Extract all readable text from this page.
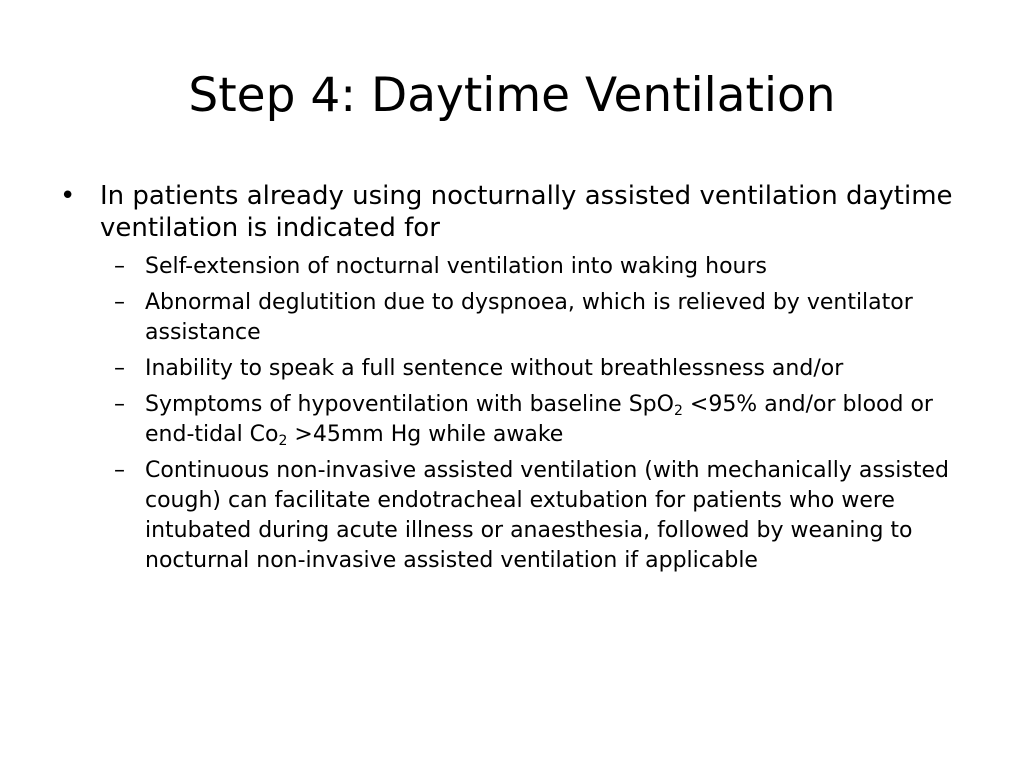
Step 4: Daytime Ventilation
• In patients already using nocturnally assisted ventilation daytime ventilation is indicated for
– Self-extension of nocturnal ventilation into waking hours
– Abnormal deglutition due to dyspnoea, which is relieved by ventilator assistance
– Inability to speak a full sentence without breathlessness and/or
– Symptoms of hypoventilation with baseline SpO$_2$ <95% and/or blood or end-tidal $Co_2 >45mm$ Hg while awake
– Continuous non-invasive assisted ventilation (with mechanically assisted cough) can facilitate endotracheal extubation for patients who were intubated during acute illness or anaesthesia, followed by weaning to nocturnal non-invasive assisted ventilation if applicable
